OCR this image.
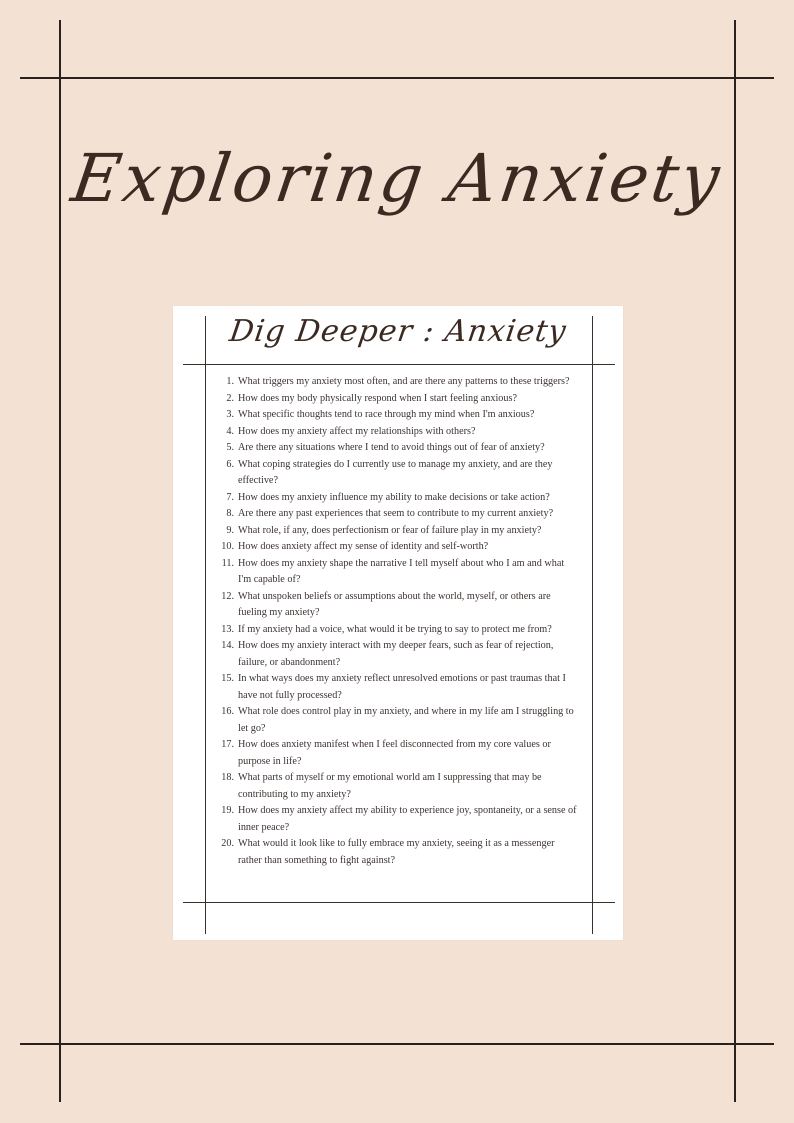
Exploring Anxiety
Dig Deeper : Anxiety
1. What triggers my anxiety most often, and are there any patterns to these triggers?
2. How does my body physically respond when I start feeling anxious?
3. What specific thoughts tend to race through my mind when I'm anxious?
4. How does my anxiety affect my relationships with others?
5. Are there any situations where I tend to avoid things out of fear of anxiety?
6. What coping strategies do I currently use to manage my anxiety, and are they effective?
7. How does my anxiety influence my ability to make decisions or take action?
8. Are there any past experiences that seem to contribute to my current anxiety?
9. What role, if any, does perfectionism or fear of failure play in my anxiety?
10. How does anxiety affect my sense of identity and self-worth?
11. How does my anxiety shape the narrative I tell myself about who I am and what I'm capable of?
12. What unspoken beliefs or assumptions about the world, myself, or others are fueling my anxiety?
13. If my anxiety had a voice, what would it be trying to say to protect me from?
14. How does my anxiety interact with my deeper fears, such as fear of rejection, failure, or abandonment?
15. In what ways does my anxiety reflect unresolved emotions or past traumas that I have not fully processed?
16. What role does control play in my anxiety, and where in my life am I struggling to let go?
17. How does anxiety manifest when I feel disconnected from my core values or purpose in life?
18. What parts of myself or my emotional world am I suppressing that may be contributing to my anxiety?
19. How does my anxiety affect my ability to experience joy, spontaneity, or a sense of inner peace?
20. What would it look like to fully embrace my anxiety, seeing it as a messenger rather than something to fight against?
